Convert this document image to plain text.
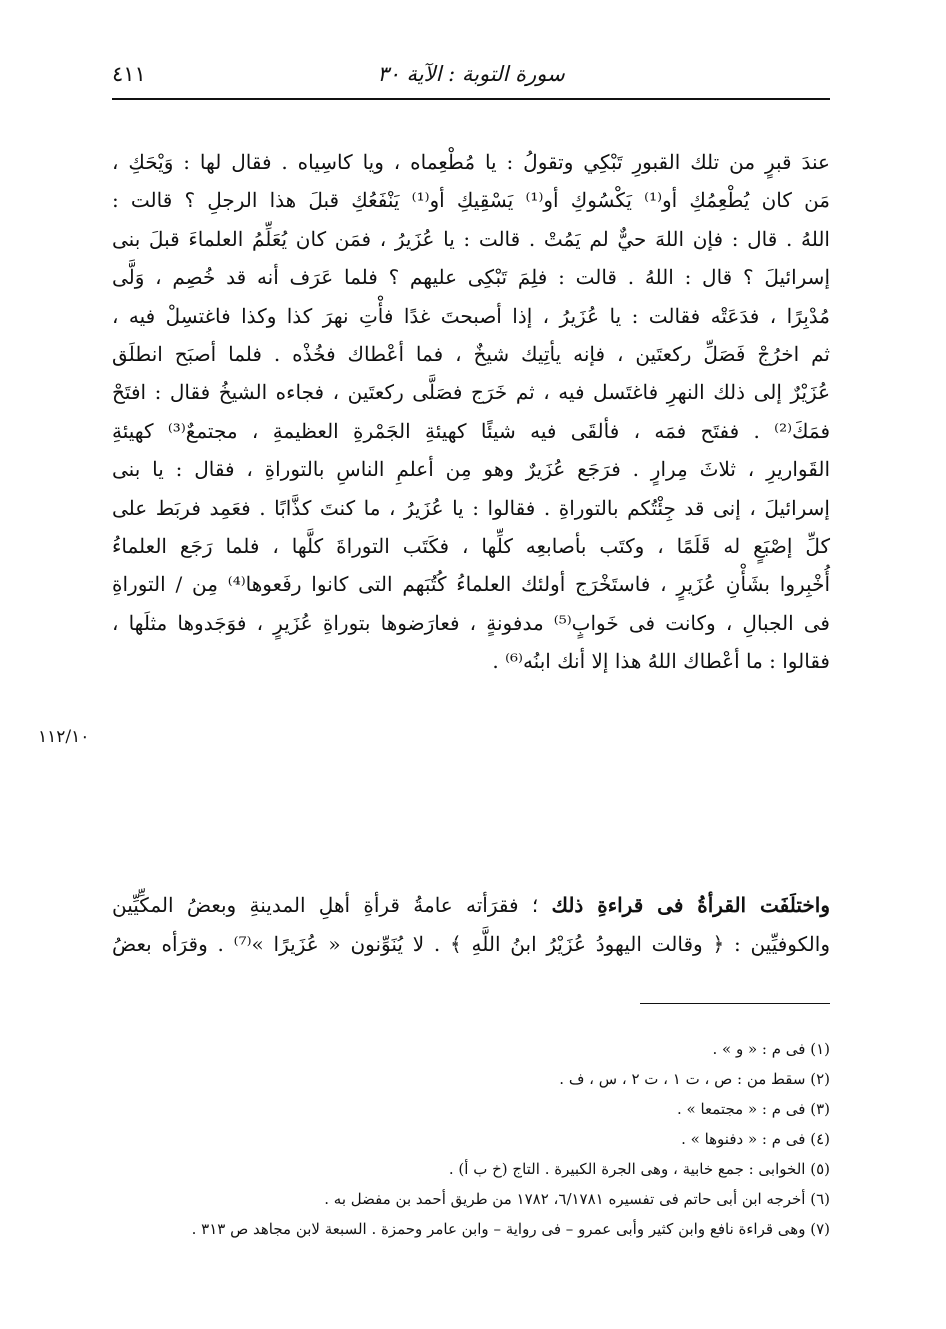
٤١١	سورة التوبة : الآية ٣٠
عندَ قبرٍ من تلك القبورِ تَبْكِي وتقولُ : يا مُطْعِماه ، ويا كاسِياه . فقال لها : وَيْحَكِ ،
مَن كان يُطْعِمُكِ أو⁽¹⁾ يَكْسُوكِ أو⁽¹⁾ يَسْقِيكِ أو⁽¹⁾ يَنْفَعُكِ قبلَ هذا الرجلِ ؟ قالت :
اللهُ . قال : فإن اللهَ حيٌّ لم يَمُتْ . قالت : يا عُزَيرُ ، فمَن كان يُعَلِّمُ العلماءَ قبلَ بنى
إسرائيلَ ؟ قال : اللهُ . قالت : فلِمَ تَبْكِى عليهم ؟ فلما عَرَف أنه قد خُصِم ، وَلَّى
مُدْبِرًا ، فدَعَتْه فقالت : يا عُزَيرُ ، إذا أصبحتَ غدًا فأْتِ نهرَ كذا وكذا فاغتسِلْ فيه ،
ثم اخرُجْ فَصَلِّ ركعتَين ، فإنه يأتِيك شيخٌ ، فما أعْطاك فخُذْه . فلما أصبَح انطلَق
عُزَيْرٌ إلى ذلك النهرِ فاغتَسل فيه ، ثم خَرَج فصَلَّى ركعتَين ، فجاءه الشيخُ فقال : افتَحْ
فمَكَ⁽²⁾ . ففتَح فمَه ، فألقَى فيه شيئًا كهيئةِ الجَمْرةِ العظيمةِ ، مجتمعٌ⁽³⁾ كهيئةِ
القَواريرِ ، ثلاثَ مِرارٍ . فرَجَع عُزَيرٌ وهو مِن أعلمِ الناسِ بالتوراةِ ، فقال : يا بنى
إسرائيلَ ، إنى قد جِئْتُكم بالتوراةِ . فقالوا : يا عُزَيرُ ، ما كنتَ كذَّابًا . فعَمِد فربَط على
كلِّ إصْبَعٍ له قَلَمًا ، وكتَب بأصابعِه كلِّها ، فكَتَب التوراةَ كلَّها ، فلما رَجَع العلماءُ
أُخْبِروا بشَأْنِ عُزَيرٍ ، فاستَخْرَج أولئك العلماءُ كُتُبَهم التى كانوا رفَعوها⁽⁴⁾ مِن / التوراةِ
فى الجبالِ ، وكانت فى خَوابٍ⁽⁵⁾ مدفونةٍ ، فعارَضوها بتوراةِ عُزَيرٍ ، فوَجَدوها مثلَها ،
فقالوا : ما أعْطاك اللهُ هذا إلا أنك ابنُه⁽⁶⁾ .
١١٢/١٠
واختلَفَت القرأةُ فى قراءةِ ذلك ؛ فقرَأته عامةُ قرأةِ أهلِ المدينةِ وبعضُ المكِّيِّين
والكوفيِّين : ﴿ وقالت اليهودُ عُزَيْرُ ابنُ اللَّهِ ﴾ . لا يُنَوِّنون « عُزَيرًا »⁽⁷⁾ . وقرَأه بعضُ
(١) فى م : « و » .
(٢) سقط من : ص ، ت ١ ، ت ٢ ، س ، ف .
(٣) فى م : « مجتمعا » .
(٤) فى م : « دفنوها » .
(٥) الخوابى : جمع خابية ، وهى الجرة الكبيرة . التاج (خ ب أ) .
(٦) أخرجه ابن أبى حاتم فى تفسيره ٦/١٧٨١، ١٧٨٢ من طريق أحمد بن مفضل به .
(٧) وهى قراءة نافع وابن كثير وأبى عمرو – فى رواية – وابن عامر وحمزة . السبعة لابن مجاهد ص ٣١٣ .
